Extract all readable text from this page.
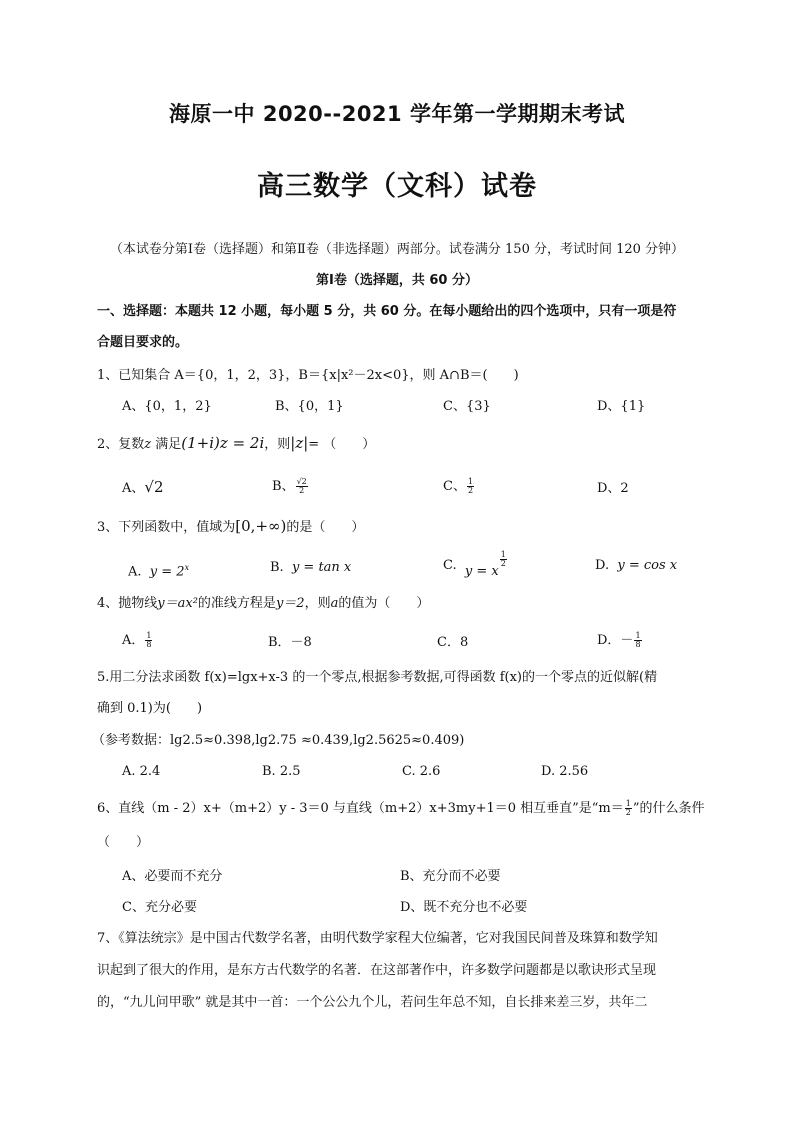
海原一中 2020--2021 学年第一学期期末考试
高三数学（文科）试卷
（本试卷分第Ⅰ卷（选择题）和第Ⅱ卷（非选择题）两部分。试卷满分 150 分，考试时间 120 分钟）
第Ⅰ卷（选择题，共 60 分）
一、选择题：本题共 12 小题，每小题 5 分，共 60 分。在每小题给出的四个选项中，只有一项是符
合题目要求的。
1、已知集合 A＝{0，1，2，3}，B＝{x|x²－2x<0}，则 A∩B＝(　　)
A、{0，1，2}	B、{0，1}	C、{3}	D、{1}
2、复数z 满足(1+i)z = 2i，则|z|= （　　）
A、√2	B、 $\frac{√2}{2}$	C、 $\frac{1}{2}$	D、2
3、下列函数中，值域为[0,+∞)的是（　　）
A. $y = 2^x$	B. y = tan x	C. y = x
$\frac{1}{2}$	D. y = cos x
4、抛物线y＝ax²的准线方程是y＝2，则a的值为（　　）
A． $\frac{1}{8}$	B．－8	C．8	D．－ $\frac{1}{8}$
5.用二分法求函数 f(x)=lgx+x-3 的一个零点,根据参考数据,可得函数 f(x)的一个零点的近似解(精
确到 0.1)为(　　)
（参考数据：lg2.5≈0.398,lg2.75 ≈0.439,lg2.5625≈0.409)
A. 2.4	B. 2.5	C. 2.6	D. 2.56
6、直线（m - 2）x+（m+2）y - 3＝0 与直线（m+2）x+3my+1＝0 相互垂直”是“$m= \frac{1}{2}$ ”的什么条件
（　　）
A、必要而不充分	B、充分而不必要
C、充分必要	D、既不充分也不必要
7、《算法统宗》是中国古代数学名著，由明代数学家程大位编著，它对我国民间普及珠算和数学知
识起到了很大的作用，是东方古代数学的名著．在这部著作中，许多数学问题都是以歌诀形式呈现
的，“九儿问甲歌” 就是其中一首：一个公公九个儿，若问生年总不知，自长排来差三岁，共年二
